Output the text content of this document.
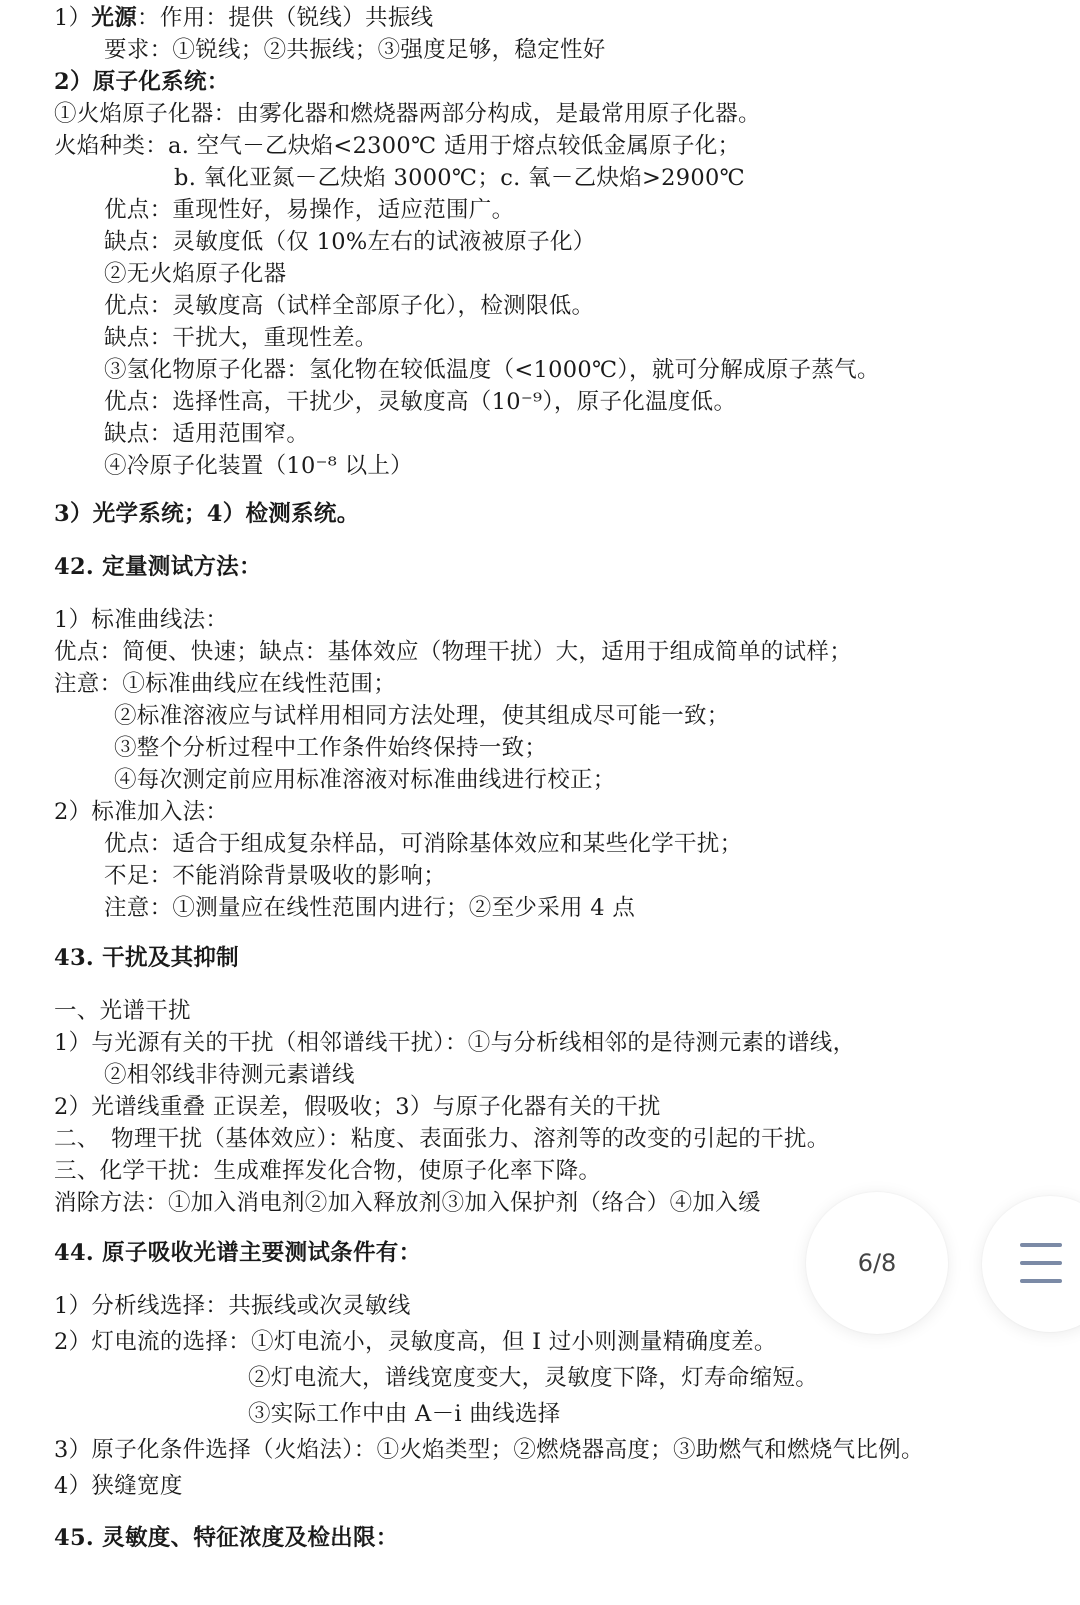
1）光源：作用：提供（锐线）共振线
要求：①锐线；②共振线；③强度足够，稳定性好
2）原子化系统：
①火焰原子化器：由雾化器和燃烧器两部分构成，是最常用原子化器。
火焰种类：a. 空气－乙炔焰<2300℃ 适用于熔点较低金属原子化；
b. 氧化亚氮－乙炔焰 3000℃；c. 氧－乙炔焰>2900℃
优点：重现性好，易操作，适应范围广。
缺点：灵敏度低（仅 10%左右的试液被原子化）
②无火焰原子化器
优点：灵敏度高（试样全部原子化），检测限低。
缺点：干扰大，重现性差。
③氢化物原子化器：氢化物在较低温度（<1000℃），就可分解成原子蒸气。
优点：选择性高，干扰少，灵敏度高（10⁻⁹），原子化温度低。
缺点：适用范围窄。
④冷原子化装置（10⁻⁸ 以上）
3）光学系统；4）检测系统。
42. 定量测试方法：
1）标准曲线法：
优点：简便、快速；缺点：基体效应（物理干扰）大，适用于组成简单的试样；
注意：①标准曲线应在线性范围；
②标准溶液应与试样用相同方法处理，使其组成尽可能一致；
③整个分析过程中工作条件始终保持一致；
④每次测定前应用标准溶液对标准曲线进行校正；
2）标准加入法：
优点：适合于组成复杂样品，可消除基体效应和某些化学干扰；
不足：不能消除背景吸收的影响；
注意：①测量应在线性范围内进行；②至少采用 4 点
43. 干扰及其抑制
一、光谱干扰
1）与光源有关的干扰（相邻谱线干扰）：①与分析线相邻的是待测元素的谱线，
②相邻线非待测元素谱线
2）光谱线重叠 正误差，假吸收；3）与原子化器有关的干扰
二、　物理干扰（基体效应）：粘度、表面张力、溶剂等的改变的引起的干扰。
三、化学干扰：生成难挥发化合物，使原子化率下降。
消除方法：①加入消电剂②加入释放剂③加入保护剂（络合）④加入缓
44. 原子吸收光谱主要测试条件有：
1）分析线选择：共振线或次灵敏线
2）灯电流的选择：①灯电流小，灵敏度高，但 I 过小则测量精确度差。
②灯电流大，谱线宽度变大，灵敏度下降，灯寿命缩短。
③实际工作中由 A－i 曲线选择
3）原子化条件选择（火焰法）：①火焰类型；②燃烧器高度；③助燃气和燃烧气比例。
4）狭缝宽度
45. 灵敏度、特征浓度及检出限：
6/8
